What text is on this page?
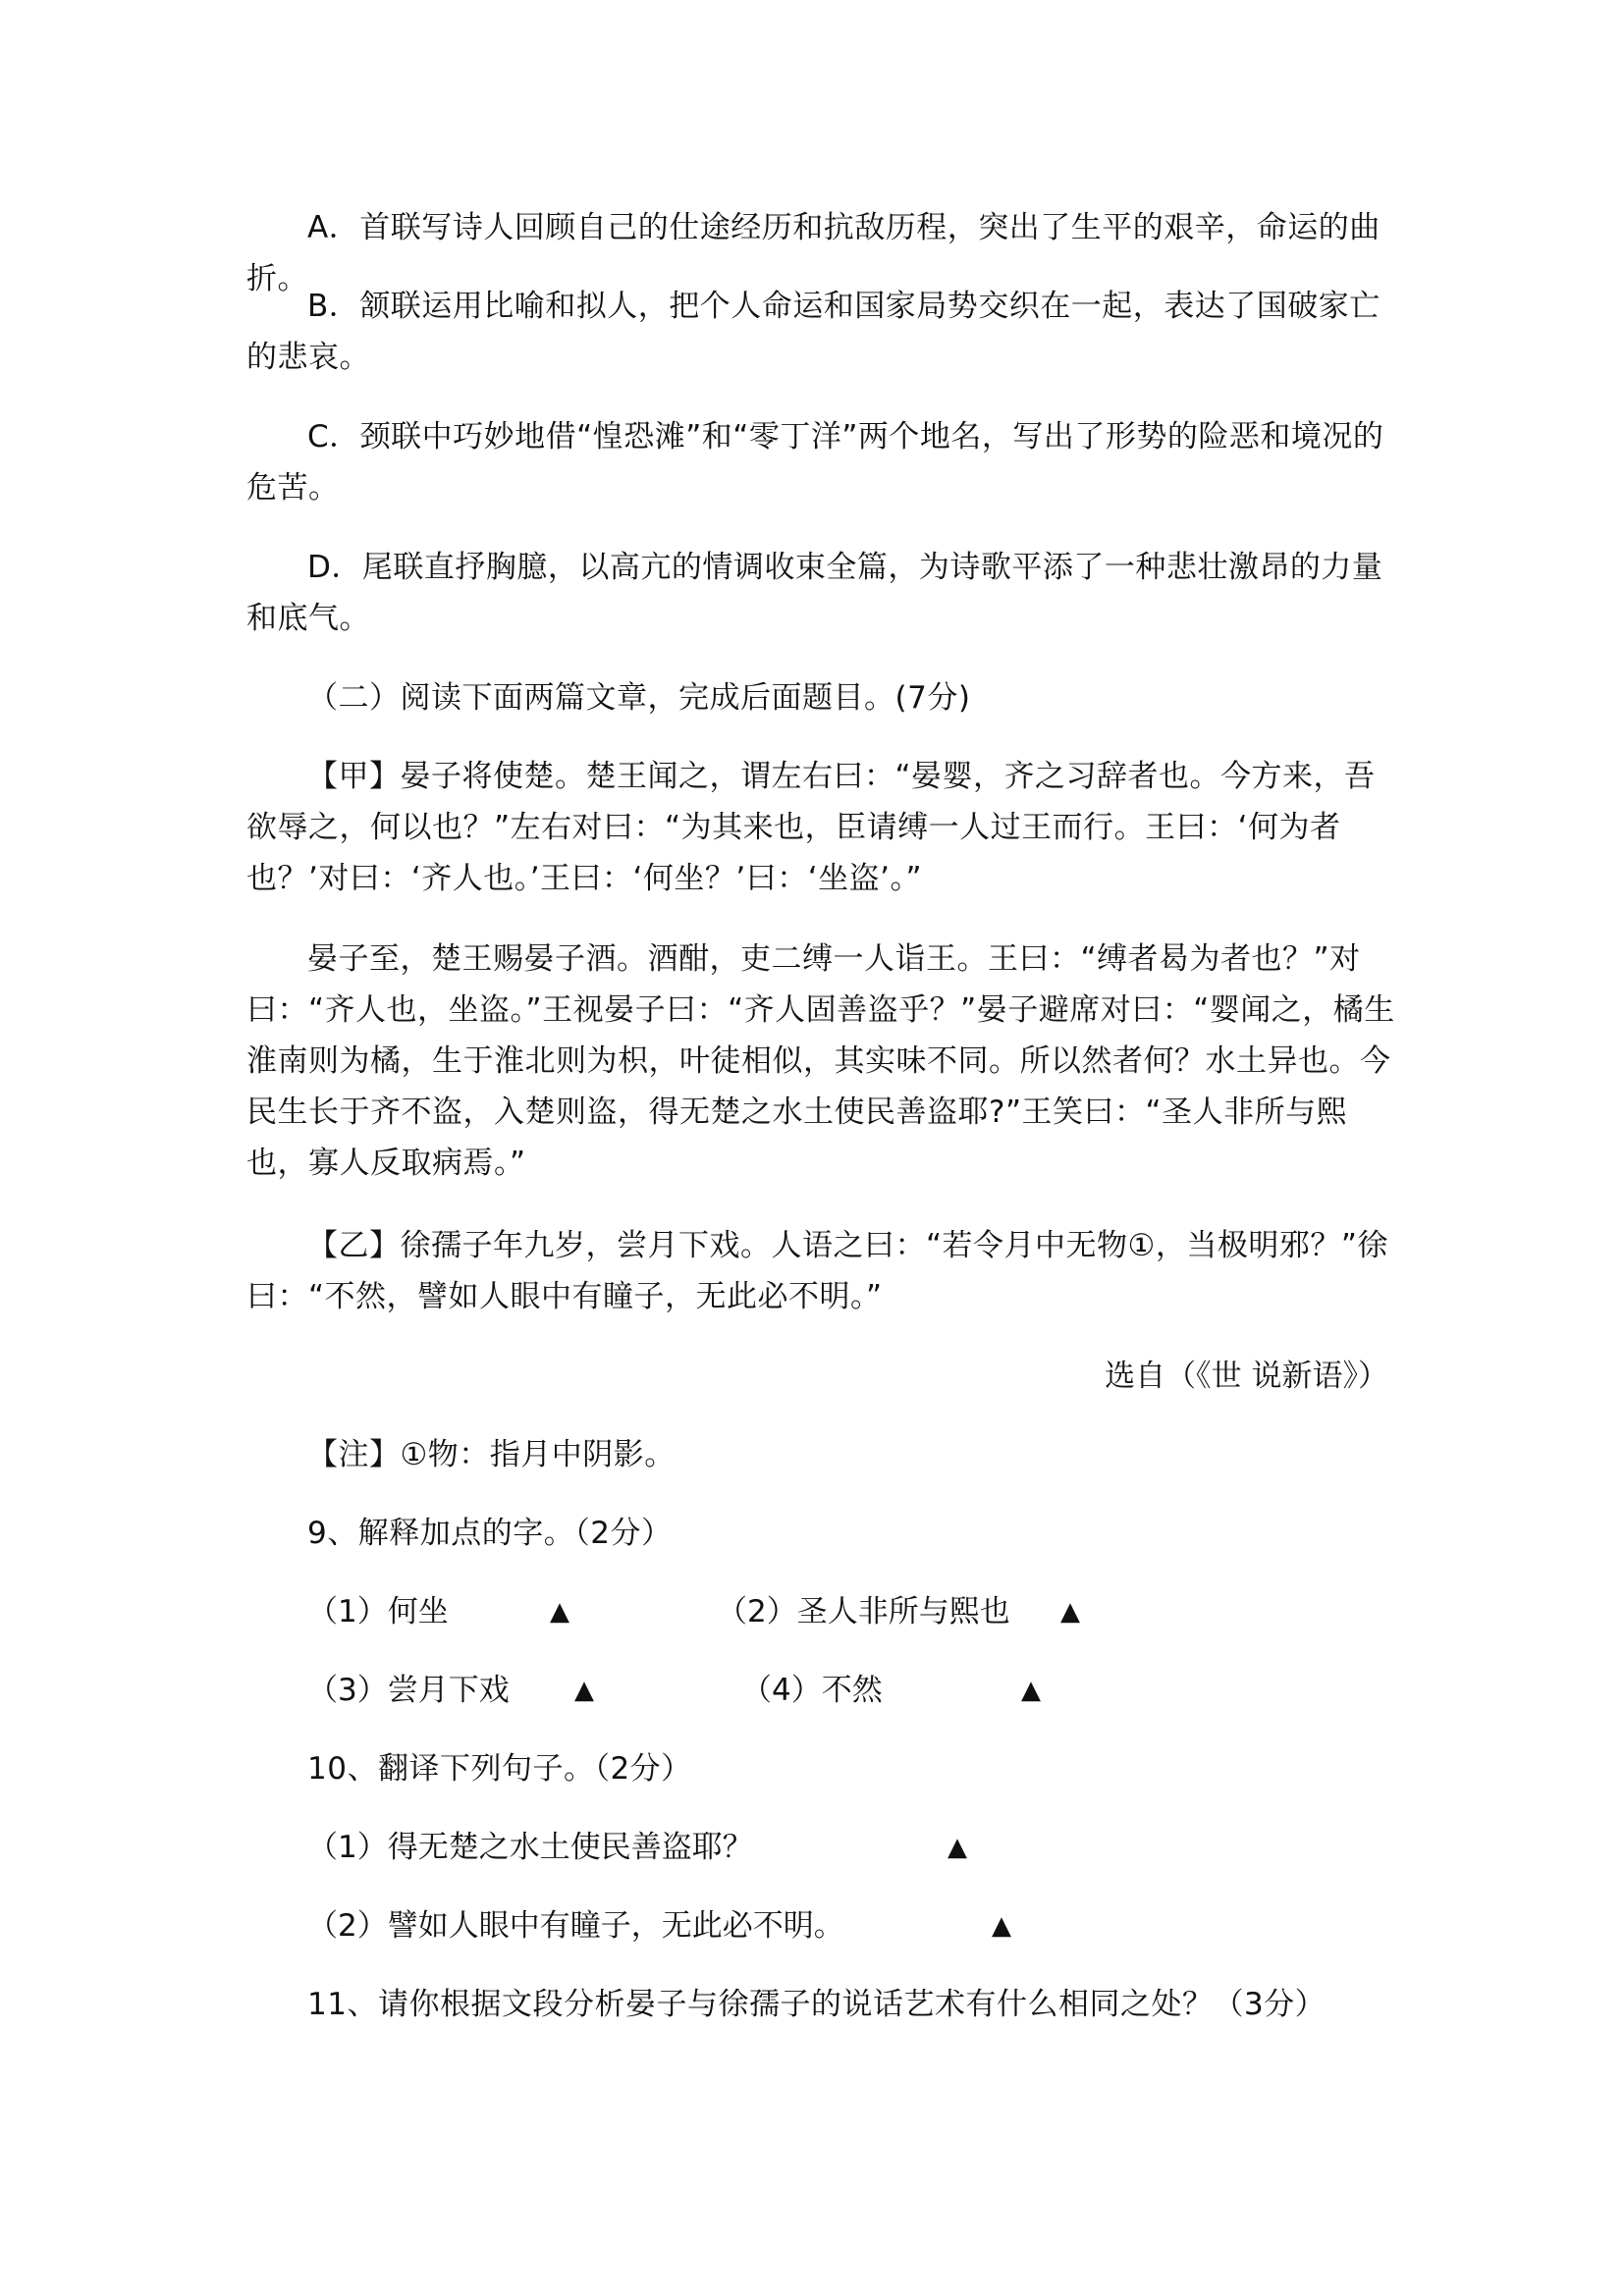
A．首联写诗人回顾自己的仕途经历和抗敌历程，突出了生平的艰辛，命运的曲折。

B．颔联运用比喻和拟人，把个人命运和国家局势交织在一起，表达了国破家亡的悲哀。

C．颈联中巧妙地借“惶恐滩”和“零丁洋”两个地名，写出了形势的险恶和境况的危苦。

D．尾联直抒胸臆，以高亢的情调收束全篇，为诗歌平添了一种悲壮激昂的力量和底气。

（二）阅读下面两篇文章，完成后面题目。(7分)

【甲】晏子将使楚。楚王闻之，谓左右曰：“晏婴，齐之习辞者也。今方来，吾欲辱之，何以也？”左右对曰：“为其来也，臣请缚一人过王而行。王曰：‘何为者也？’对曰：‘齐人也。’王曰：‘何坐？’曰：‘坐盗’。”

晏子至，楚王赐晏子酒。酒酣，吏二缚一人诣王。王曰：“缚者曷为者也？”对曰：“齐人也，坐盗。”王视晏子曰：“齐人固善盗乎？”晏子避席对曰：“婴闻之，橘生淮南则为橘，生于淮北则为枳，叶徒相似，其实味不同。所以然者何？水土异也。今民生长于齐不盗，入楚则盗，得无楚之水土使民善盗耶?”王笑曰：“圣人非所与熙也，寡人反取病焉。”

【乙】徐孺子年九岁，尝月下戏。人语之曰：“若令月中无物①，当极明邪？”徐曰：“不然，譬如人眼中有瞳子，无此必不明。”

选自（《世 说新语》）

【注】①物：指月中阴影。

9、解释加点的字。（2分）

（1）何坐	▲	（2）圣人非所与熙也 ▲
（3）尝月下戏	▲	（4）不然	▲

10、翻译下列句子。（2分）

（1）得无楚之水土使民善盗耶？	▲
（2）譬如人眼中有瞳子，无此必不明。	▲

11、请你根据文段分析晏子与徐孺子的说话艺术有什么相同之处？（3分）
